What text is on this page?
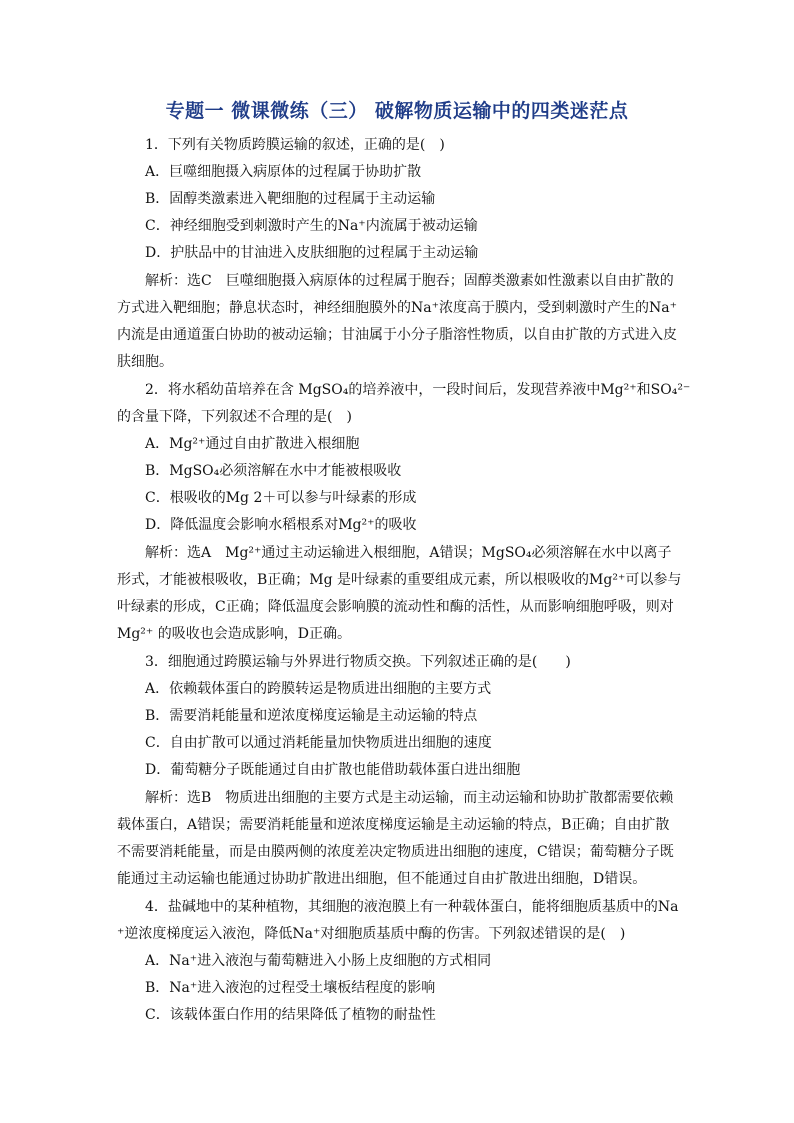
专题一 微课微练（三） 破解物质运输中的四类迷茫点
1．下列有关物质跨膜运输的叙述，正确的是(　)
A．巨噬细胞摄入病原体的过程属于协助扩散
B．固醇类激素进入靶细胞的过程属于主动运输
C．神经细胞受到刺激时产生的Na⁺内流属于被动运输
D．护肤品中的甘油进入皮肤细胞的过程属于主动运输
解析：选C　巨噬细胞摄入病原体的过程属于胞吞；固醇类激素如性激素以自由扩散的
方式进入靶细胞；静息状态时，神经细胞膜外的Na⁺浓度高于膜内，受到刺激时产生的Na⁺
内流是由通道蛋白协助的被动运输；甘油属于小分子脂溶性物质，以自由扩散的方式进入皮
肤细胞。
2．将水稻幼苗培养在含 MgSO₄的培养液中，一段时间后，发现营养液中Mg²⁺和SO₄²⁻
的含量下降，下列叙述不合理的是(　)
A．Mg²⁺通过自由扩散进入根细胞
B．MgSO₄必须溶解在水中才能被根吸收
C．根吸收的Mg 2＋可以参与叶绿素的形成
D．降低温度会影响水稻根系对Mg²⁺的吸收
解析：选A　Mg²⁺通过主动运输进入根细胞，A错误；MgSO₄必须溶解在水中以离子
形式，才能被根吸收，B正确；Mg 是叶绿素的重要组成元素，所以根吸收的Mg²⁺可以参与
叶绿素的形成，C正确；降低温度会影响膜的流动性和酶的活性，从而影响细胞呼吸，则对
Mg²⁺ 的吸收也会造成影响，D正确。
3．细胞通过跨膜运输与外界进行物质交换。下列叙述正确的是(　　)
A．依赖载体蛋白的跨膜转运是物质进出细胞的主要方式
B．需要消耗能量和逆浓度梯度运输是主动运输的特点
C．自由扩散可以通过消耗能量加快物质进出细胞的速度
D．葡萄糖分子既能通过自由扩散也能借助载体蛋白进出细胞
解析：选B　物质进出细胞的主要方式是主动运输，而主动运输和协助扩散都需要依赖
载体蛋白，A错误；需要消耗能量和逆浓度梯度运输是主动运输的特点，B正确；自由扩散
不需要消耗能量，而是由膜两侧的浓度差决定物质进出细胞的速度，C错误；葡萄糖分子既
能通过主动运输也能通过协助扩散进出细胞，但不能通过自由扩散进出细胞，D错误。
4．盐碱地中的某种植物，其细胞的液泡膜上有一种载体蛋白，能将细胞质基质中的Na
⁺逆浓度梯度运入液泡，降低Na⁺对细胞质基质中酶的伤害。下列叙述错误的是(　)
A．Na⁺进入液泡与葡萄糖进入小肠上皮细胞的方式相同
B．Na⁺进入液泡的过程受土壤板结程度的影响
C．该载体蛋白作用的结果降低了植物的耐盐性
